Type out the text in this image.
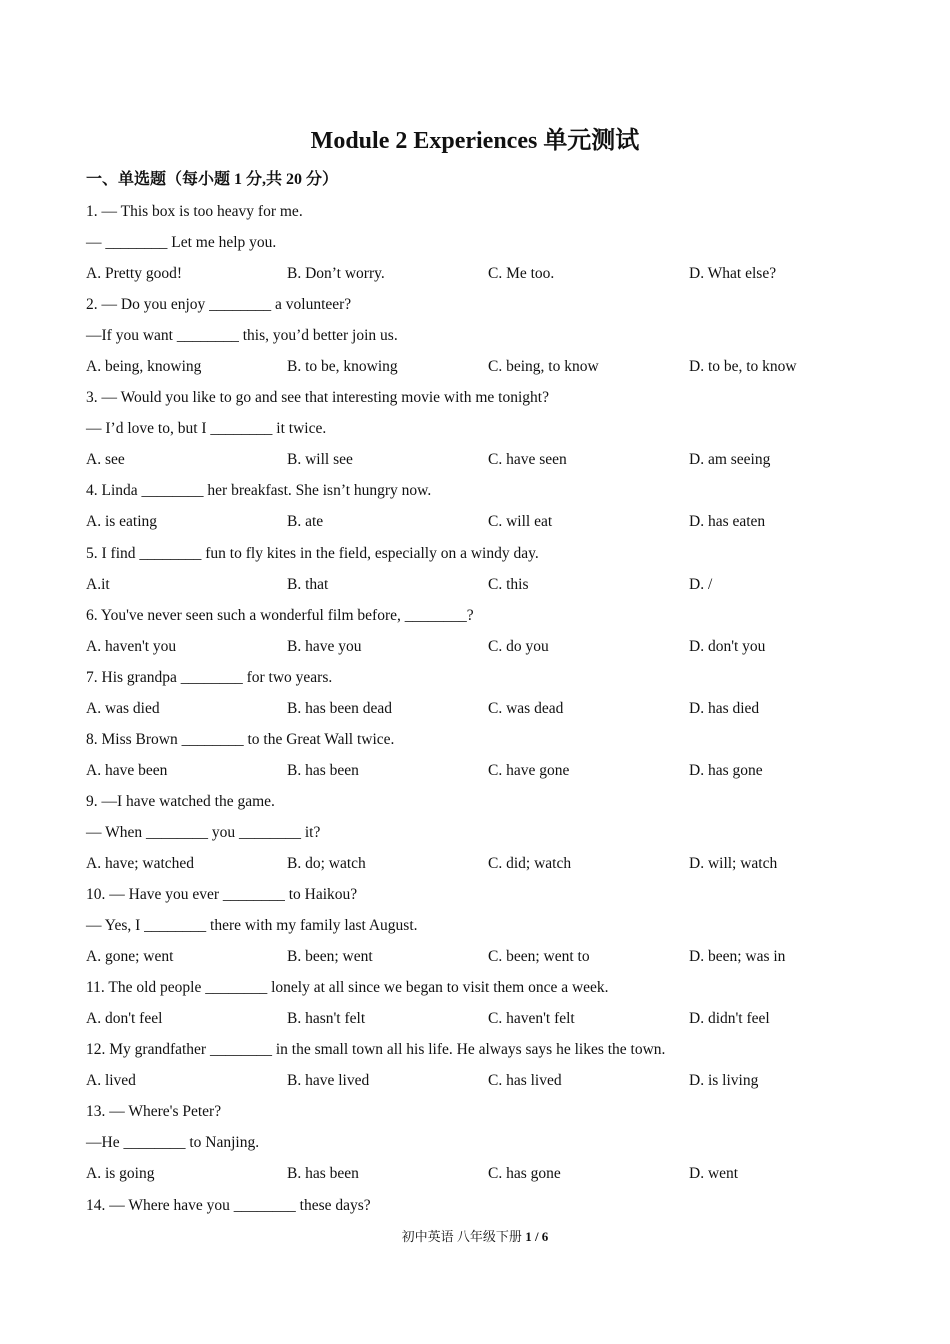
Module 2 Experiences 单元测试
一、单选题（每小题 1 分,共 20 分）
1. — This box is too heavy for me.
— ________ Let me help you.
A. Pretty good!	B. Don’t worry.	C. Me too.	D. What else?
2. — Do you enjoy ________ a volunteer?
—If you want ________ this, you’d better join us.
A. being, knowing	B. to be, knowing	C. being, to know	D. to be, to know
3. — Would you like to go and see that interesting movie with me tonight?
— I’d love to, but I ________ it twice.
A. see	B. will see	C. have seen	D. am seeing
4. Linda ________ her breakfast. She isn’t hungry now.
A. is eating	B. ate	C. will eat	D. has eaten
5. I find ________ fun to fly kites in the field, especially on a windy day.
A.it	B. that	C. this	D. /
6. You've never seen such a wonderful film before, ________?
A. haven't you	B. have you	C. do you	D. don't you
7. His grandpa ________ for two years.
A. was died	B. has been dead	C. was dead	D. has died
8. Miss Brown ________ to the Great Wall twice.
A. have been	B. has been	C. have gone	D. has gone
9. —I have watched the game.
— When ________ you ________ it?
A. have; watched	B. do; watch	C. did; watch	D. will; watch
10. — Have you ever ________ to Haikou?
— Yes, I ________ there with my family last August.
A. gone; went	B. been; went	C. been; went to	D. been; was in
11. The old people ________ lonely at all since we began to visit them once a week.
A. don't feel	B. hasn't felt	C. haven't felt	D. didn't feel
12. My grandfather ________ in the small town all his life. He always says he likes the town.
A. lived	B. have lived	C. has lived	D. is living
13. — Where's Peter?
—He ________ to Nanjing.
A. is going	B. has been	C. has gone	D. went
14. — Where have you ________ these days?
初中英语 八年级下册 1 / 6
